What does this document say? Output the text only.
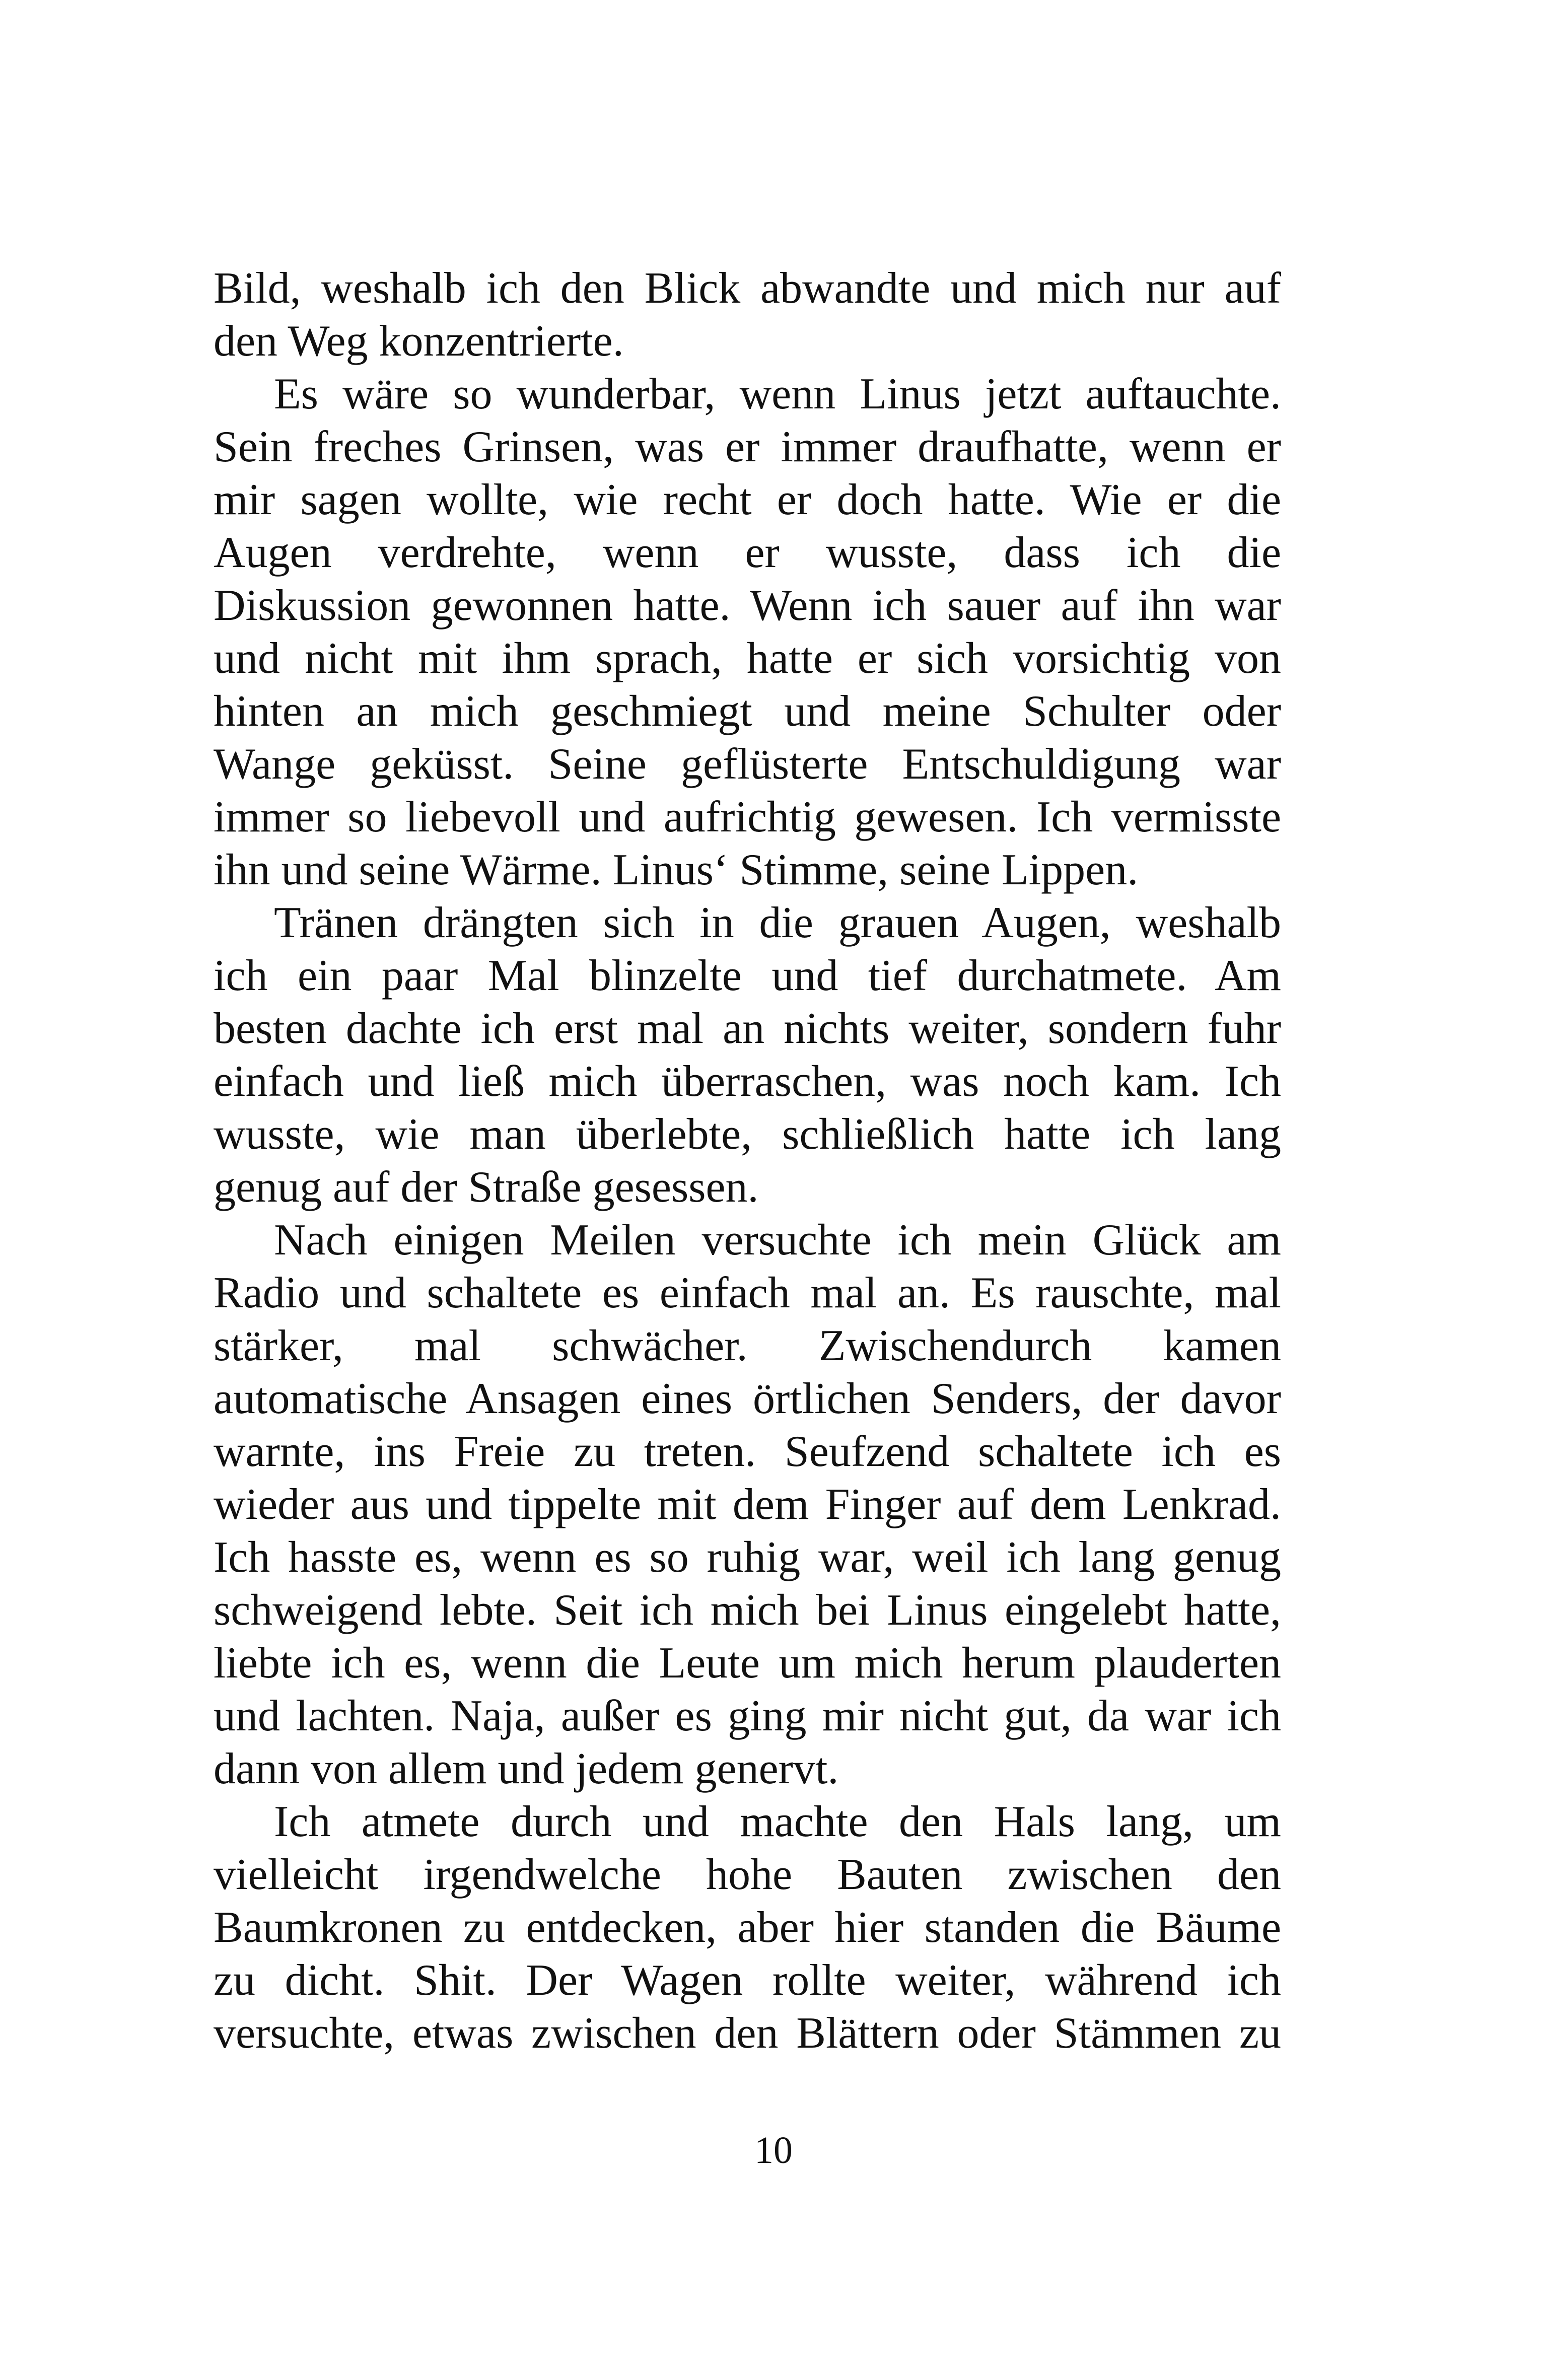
Bild, weshalb ich den Blick abwandte und mich nur auf
den Weg konzentrierte.
Es wäre so wunderbar, wenn Linus jetzt auftauchte.
Sein freches Grinsen, was er immer draufhatte, wenn er
mir sagen wollte, wie recht er doch hatte. Wie er die
Augen verdrehte, wenn er wusste, dass ich die
Diskussion gewonnen hatte. Wenn ich sauer auf ihn war
und nicht mit ihm sprach, hatte er sich vorsichtig von
hinten an mich geschmiegt und meine Schulter oder
Wange geküsst. Seine geflüsterte Entschuldigung war
immer so liebevoll und aufrichtig gewesen. Ich vermisste
ihn und seine Wärme. Linus‘ Stimme, seine Lippen.
Tränen drängten sich in die grauen Augen, weshalb
ich ein paar Mal blinzelte und tief durchatmete. Am
besten dachte ich erst mal an nichts weiter, sondern fuhr
einfach und ließ mich überraschen, was noch kam. Ich
wusste, wie man überlebte, schließlich hatte ich lang
genug auf der Straße gesessen.
Nach einigen Meilen versuchte ich mein Glück am
Radio und schaltete es einfach mal an. Es rauschte, mal
stärker, mal schwächer. Zwischendurch kamen
automatische Ansagen eines örtlichen Senders, der davor
warnte, ins Freie zu treten. Seufzend schaltete ich es
wieder aus und tippelte mit dem Finger auf dem Lenkrad.
Ich hasste es, wenn es so ruhig war, weil ich lang genug
schweigend lebte. Seit ich mich bei Linus eingelebt hatte,
liebte ich es, wenn die Leute um mich herum plauderten
und lachten. Naja, außer es ging mir nicht gut, da war ich
dann von allem und jedem genervt.
Ich atmete durch und machte den Hals lang, um
vielleicht irgendwelche hohe Bauten zwischen den
Baumkronen zu entdecken, aber hier standen die Bäume
zu dicht. Shit. Der Wagen rollte weiter, während ich
versuchte, etwas zwischen den Blättern oder Stämmen zu
10
